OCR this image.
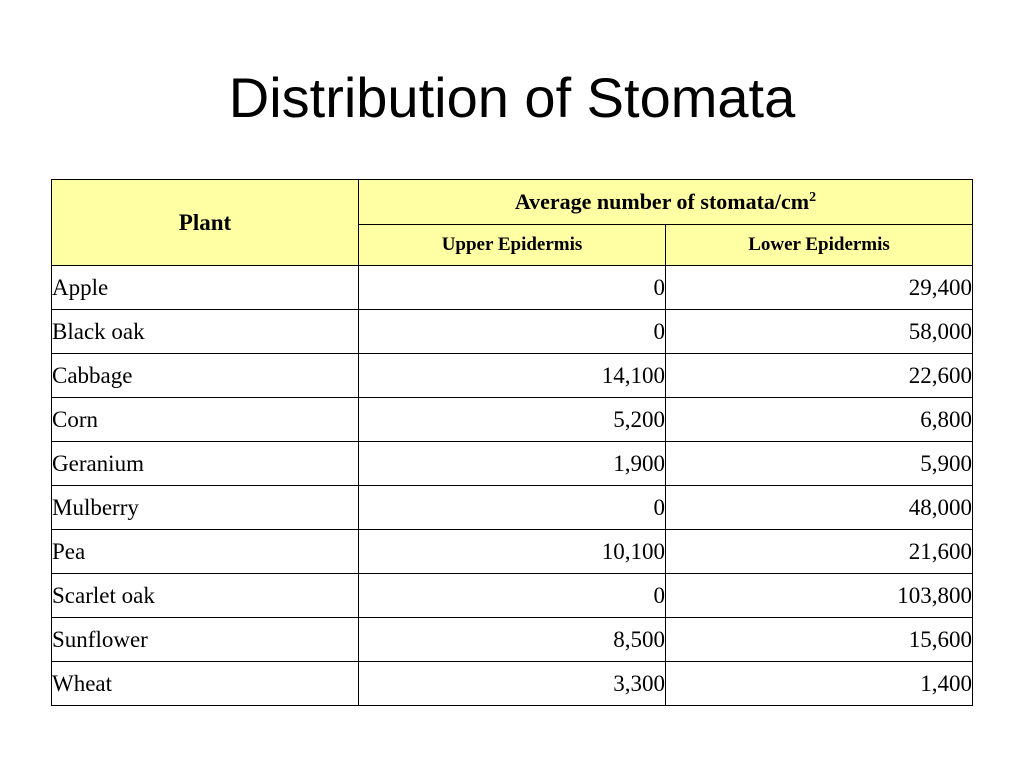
Distribution of Stomata
Plant	Average number of stomata/$cm^2$
	Upper Epidermis	Lower Epidermis
Apple	0	29,400
Black oak	0	58,000
Cabbage	14,100	22,600
Corn	5,200	6,800
Geranium	1,900	5,900
Mulberry	0	48,000
Pea	10,100	21,600
Scarlet oak	0	103,800
Sunflower	8,500	15,600
Wheat	3,300	1,400
